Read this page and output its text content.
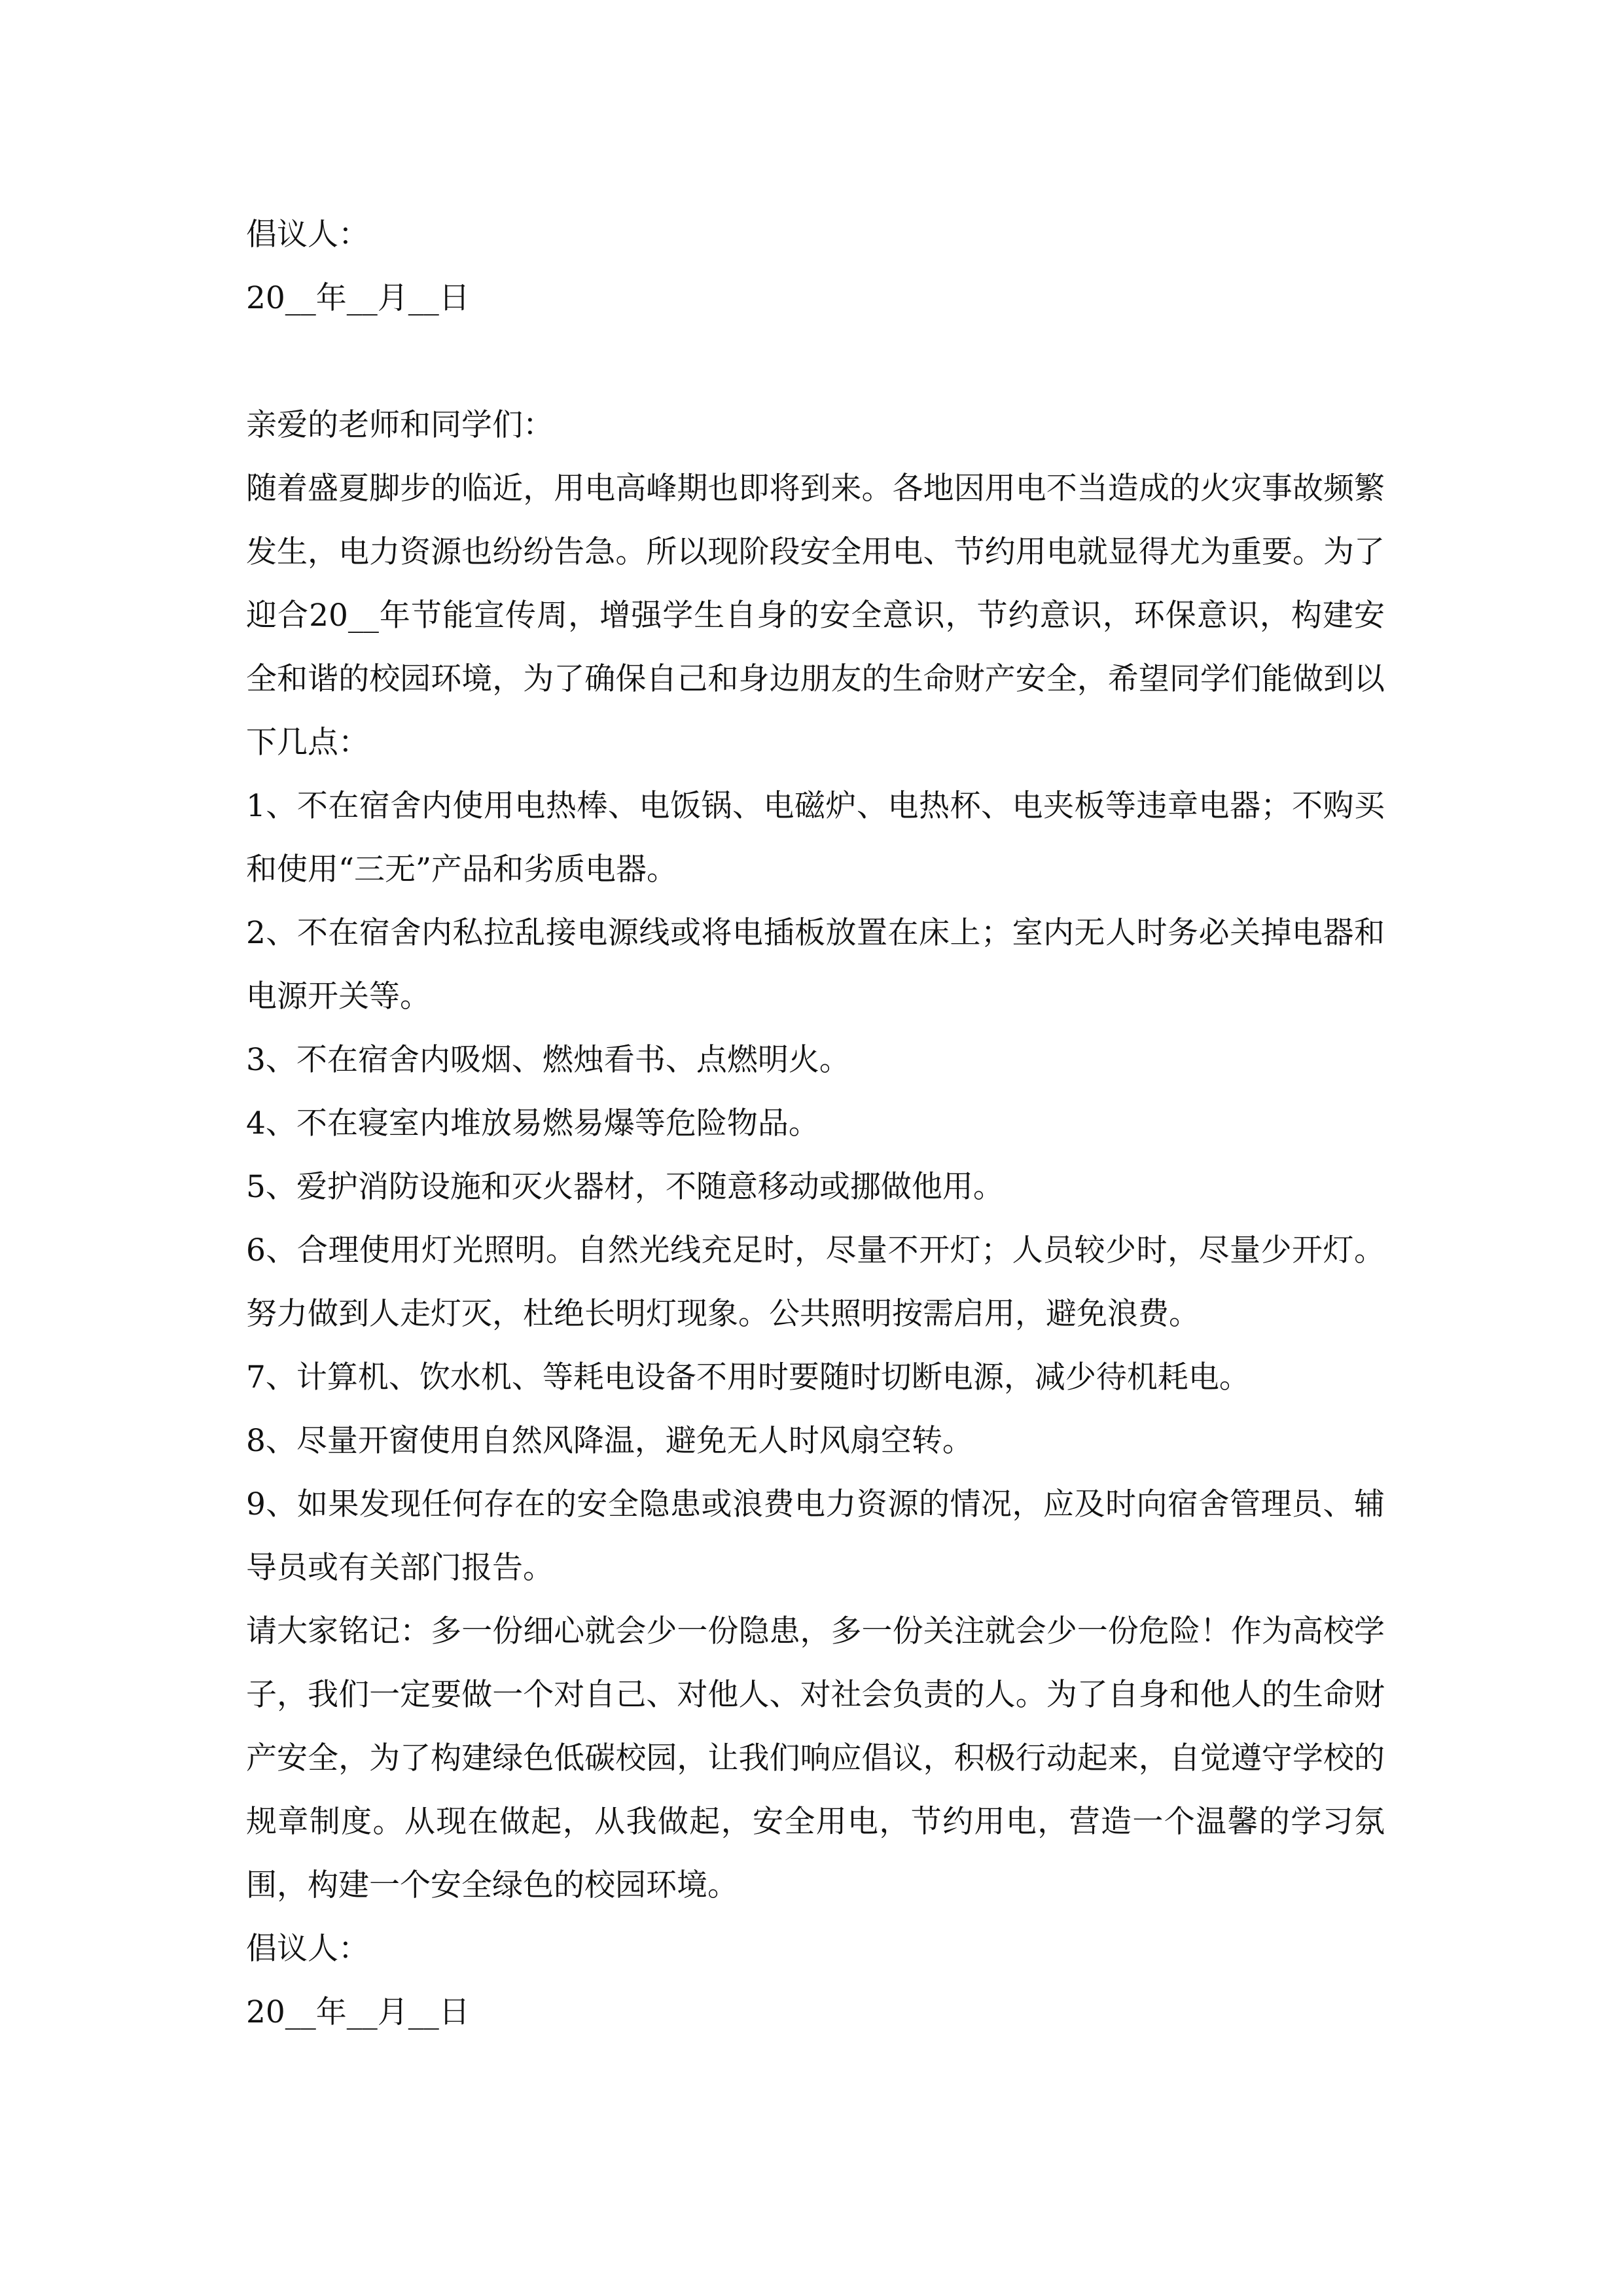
倡议人：

20__年__月__日

亲爱的老师和同学们：

随着盛夏脚步的临近，用电高峰期也即将到来。各地因用电不当造成的火灾事故频繁发生，电力资源也纷纷告急。所以现阶段安全用电、节约用电就显得尤为重要。为了迎合20__年节能宣传周，增强学生自身的安全意识，节约意识，环保意识，构建安全和谐的校园环境，为了确保自己和身边朋友的生命财产安全，希望同学们能做到以下几点：

1、不在宿舍内使用电热棒、电饭锅、电磁炉、电热杯、电夹板等违章电器；不购买和使用“三无”产品和劣质电器。

2、不在宿舍内私拉乱接电源线或将电插板放置在床上；室内无人时务必关掉电器和电源开关等。

3、不在宿舍内吸烟、燃烛看书、点燃明火。

4、不在寝室内堆放易燃易爆等危险物品。

5、爱护消防设施和灭火器材，不随意移动或挪做他用。

6、合理使用灯光照明。自然光线充足时，尽量不开灯；人员较少时，尽量少开灯。努力做到人走灯灭，杜绝长明灯现象。公共照明按需启用，避免浪费。

7、计算机、饮水机、等耗电设备不用时要随时切断电源，减少待机耗电。

8、尽量开窗使用自然风降温，避免无人时风扇空转。

9、如果发现任何存在的安全隐患或浪费电力资源的情况，应及时向宿舍管理员、辅导员或有关部门报告。

请大家铭记：多一份细心就会少一份隐患，多一份关注就会少一份危险！作为高校学子，我们一定要做一个对自己、对他人、对社会负责的人。为了自身和他人的生命财产安全，为了构建绿色低碳校园，让我们响应倡议，积极行动起来，自觉遵守学校的规章制度。从现在做起，从我做起，安全用电，节约用电，营造一个温馨的学习氛围，构建一个安全绿色的校园环境。

倡议人：

20__年__月__日
